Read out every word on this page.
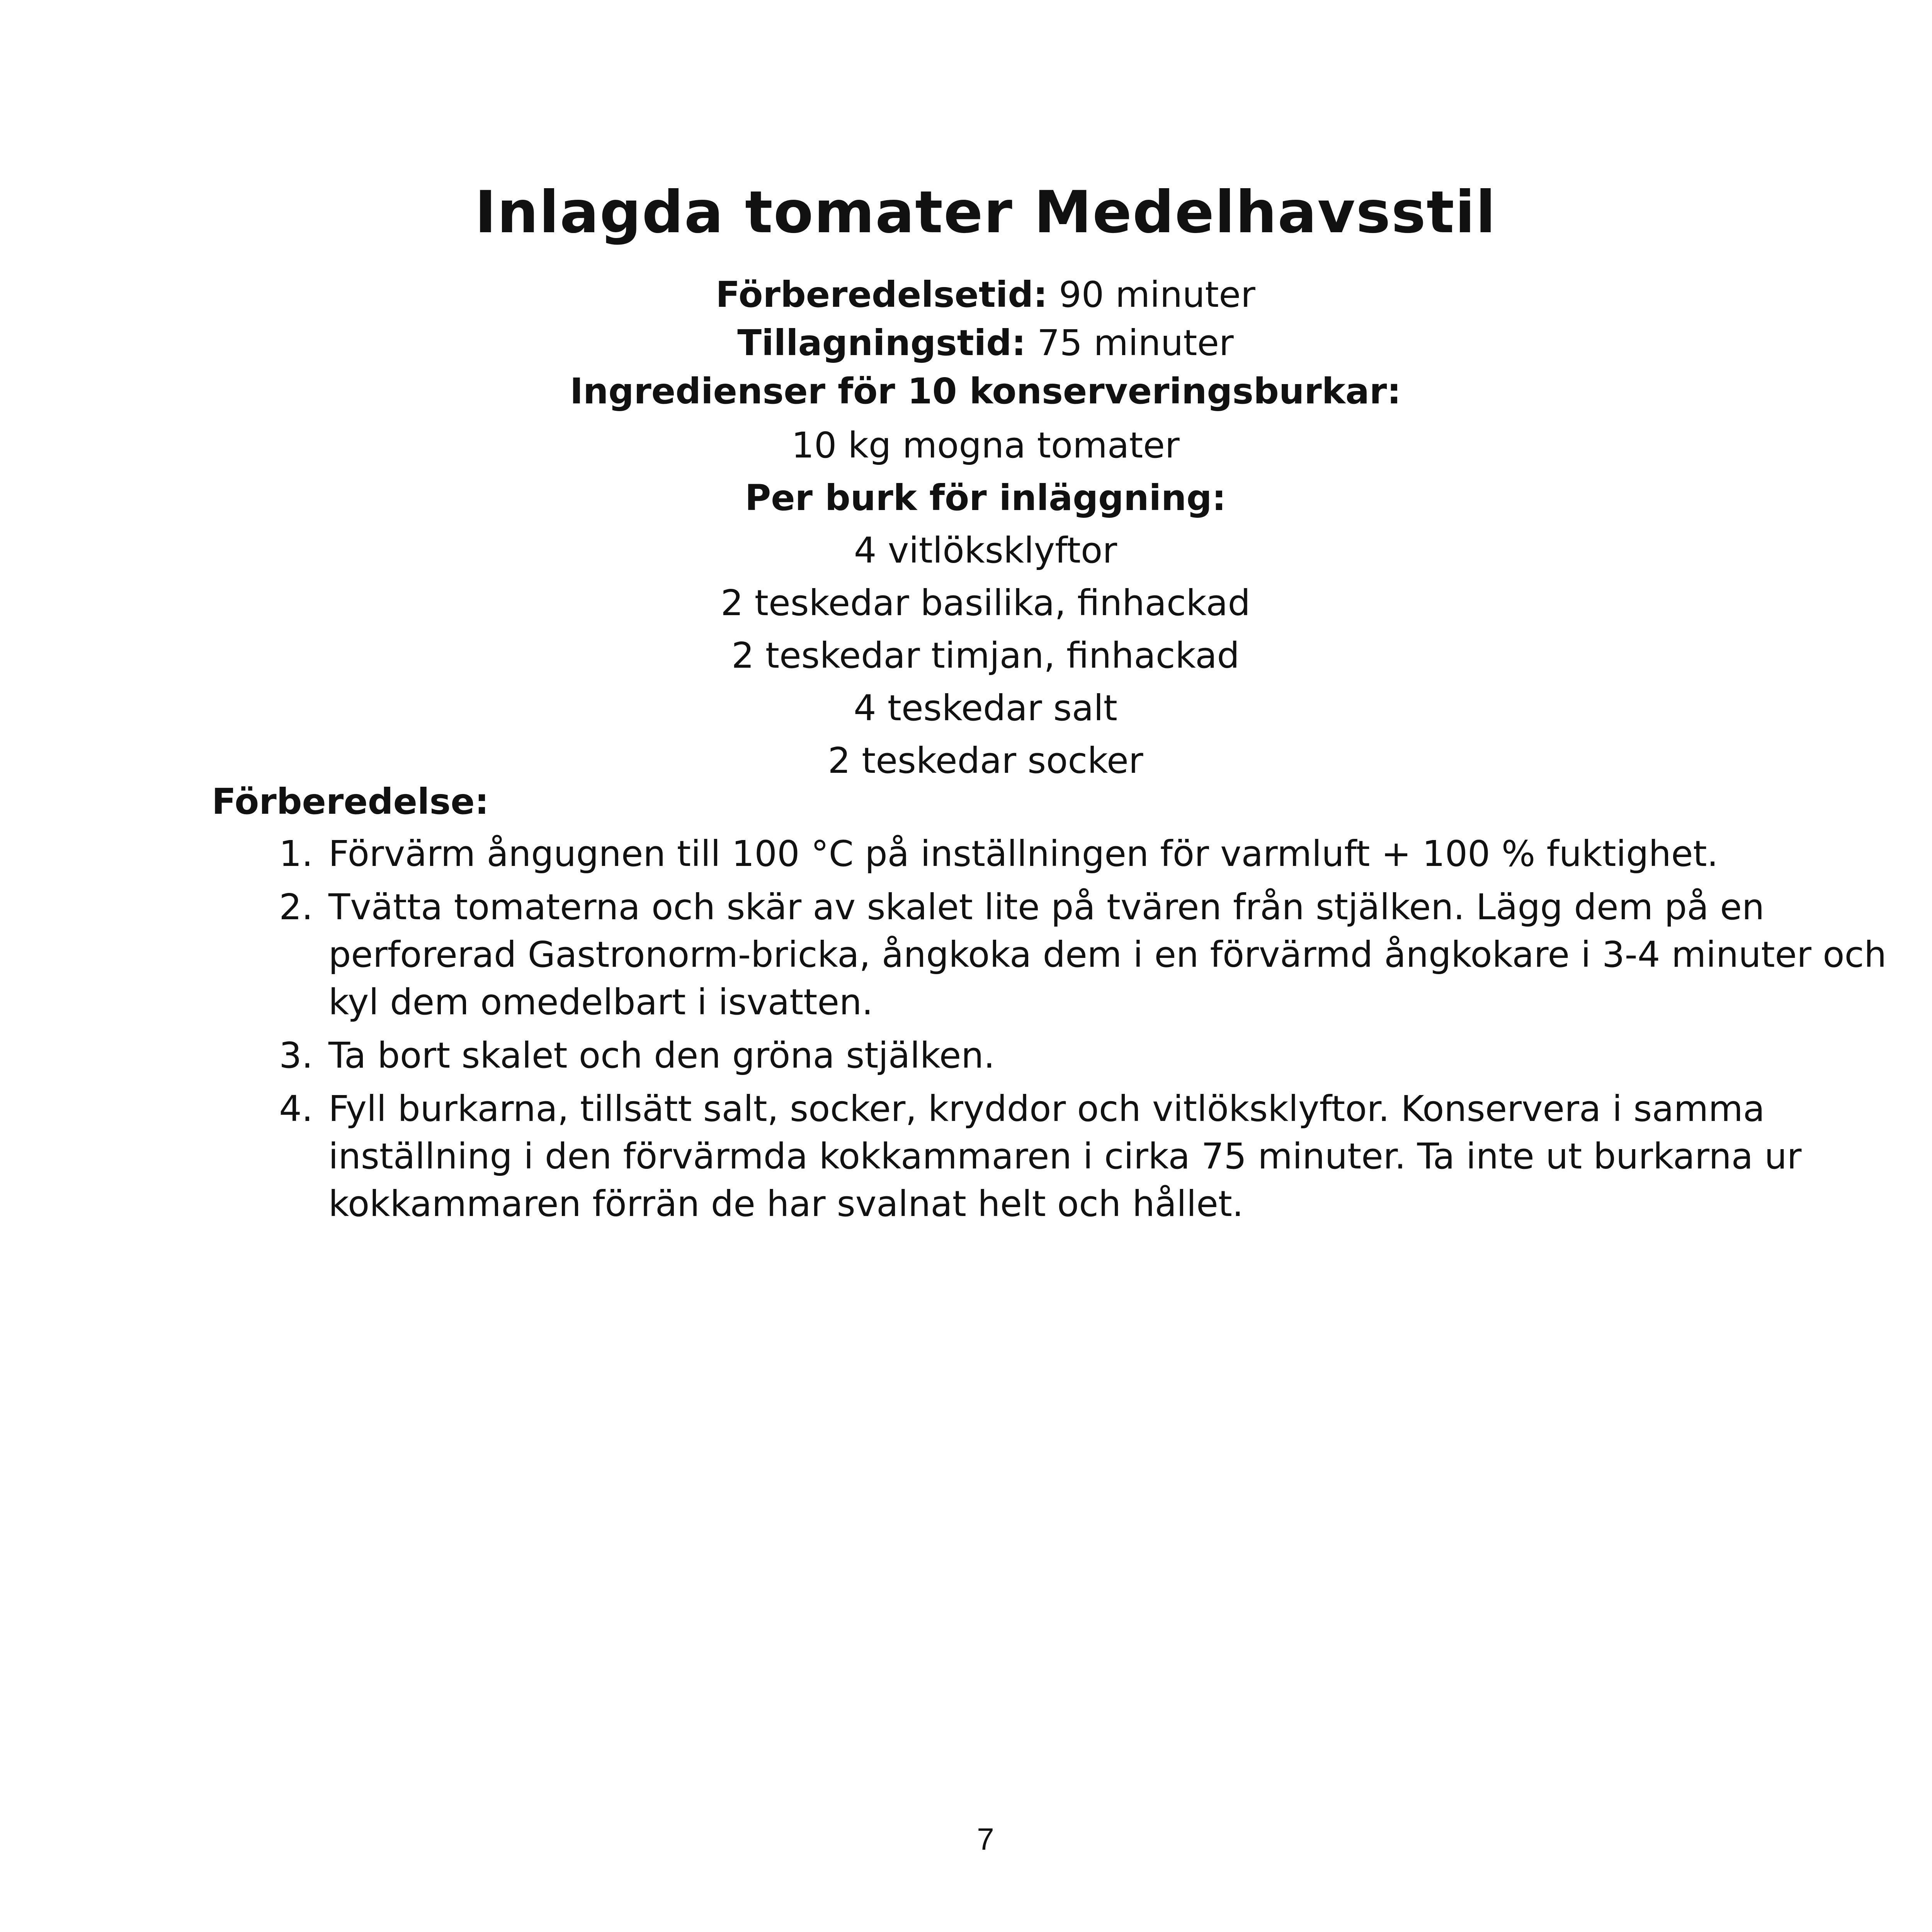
Inlagda tomater Medelhavsstil
Förberedelsetid: 90 minuter
Tillagningstid: 75 minuter
Ingredienser för 10 konserveringsburkar:
10 kg mogna tomater
Per burk för inläggning:
4 vitlöksklyftor
2 teskedar basilika, finhackad
2 teskedar timjan, finhackad
4 teskedar salt
2 teskedar socker
Förberedelse:
1. Förvärm ångugnen till 100 °C på inställningen för varmluft + 100 % fuktighet.
2. Tvätta tomaterna och skär av skalet lite på tvären från stjälken. Lägg dem på en perforerad Gastronorm-bricka, ångkoka dem i en förvärmd ångkokare i 3-4 minuter och kyl dem omedelbart i isvatten.
3. Ta bort skalet och den gröna stjälken.
4. Fyll burkarna, tillsätt salt, socker, kryddor och vitlöksklyftor. Konservera i samma inställning i den förvärmda kokkammaren i cirka 75 minuter. Ta inte ut burkarna ur kokkammaren förrän de har svalnat helt och hållet.
7
